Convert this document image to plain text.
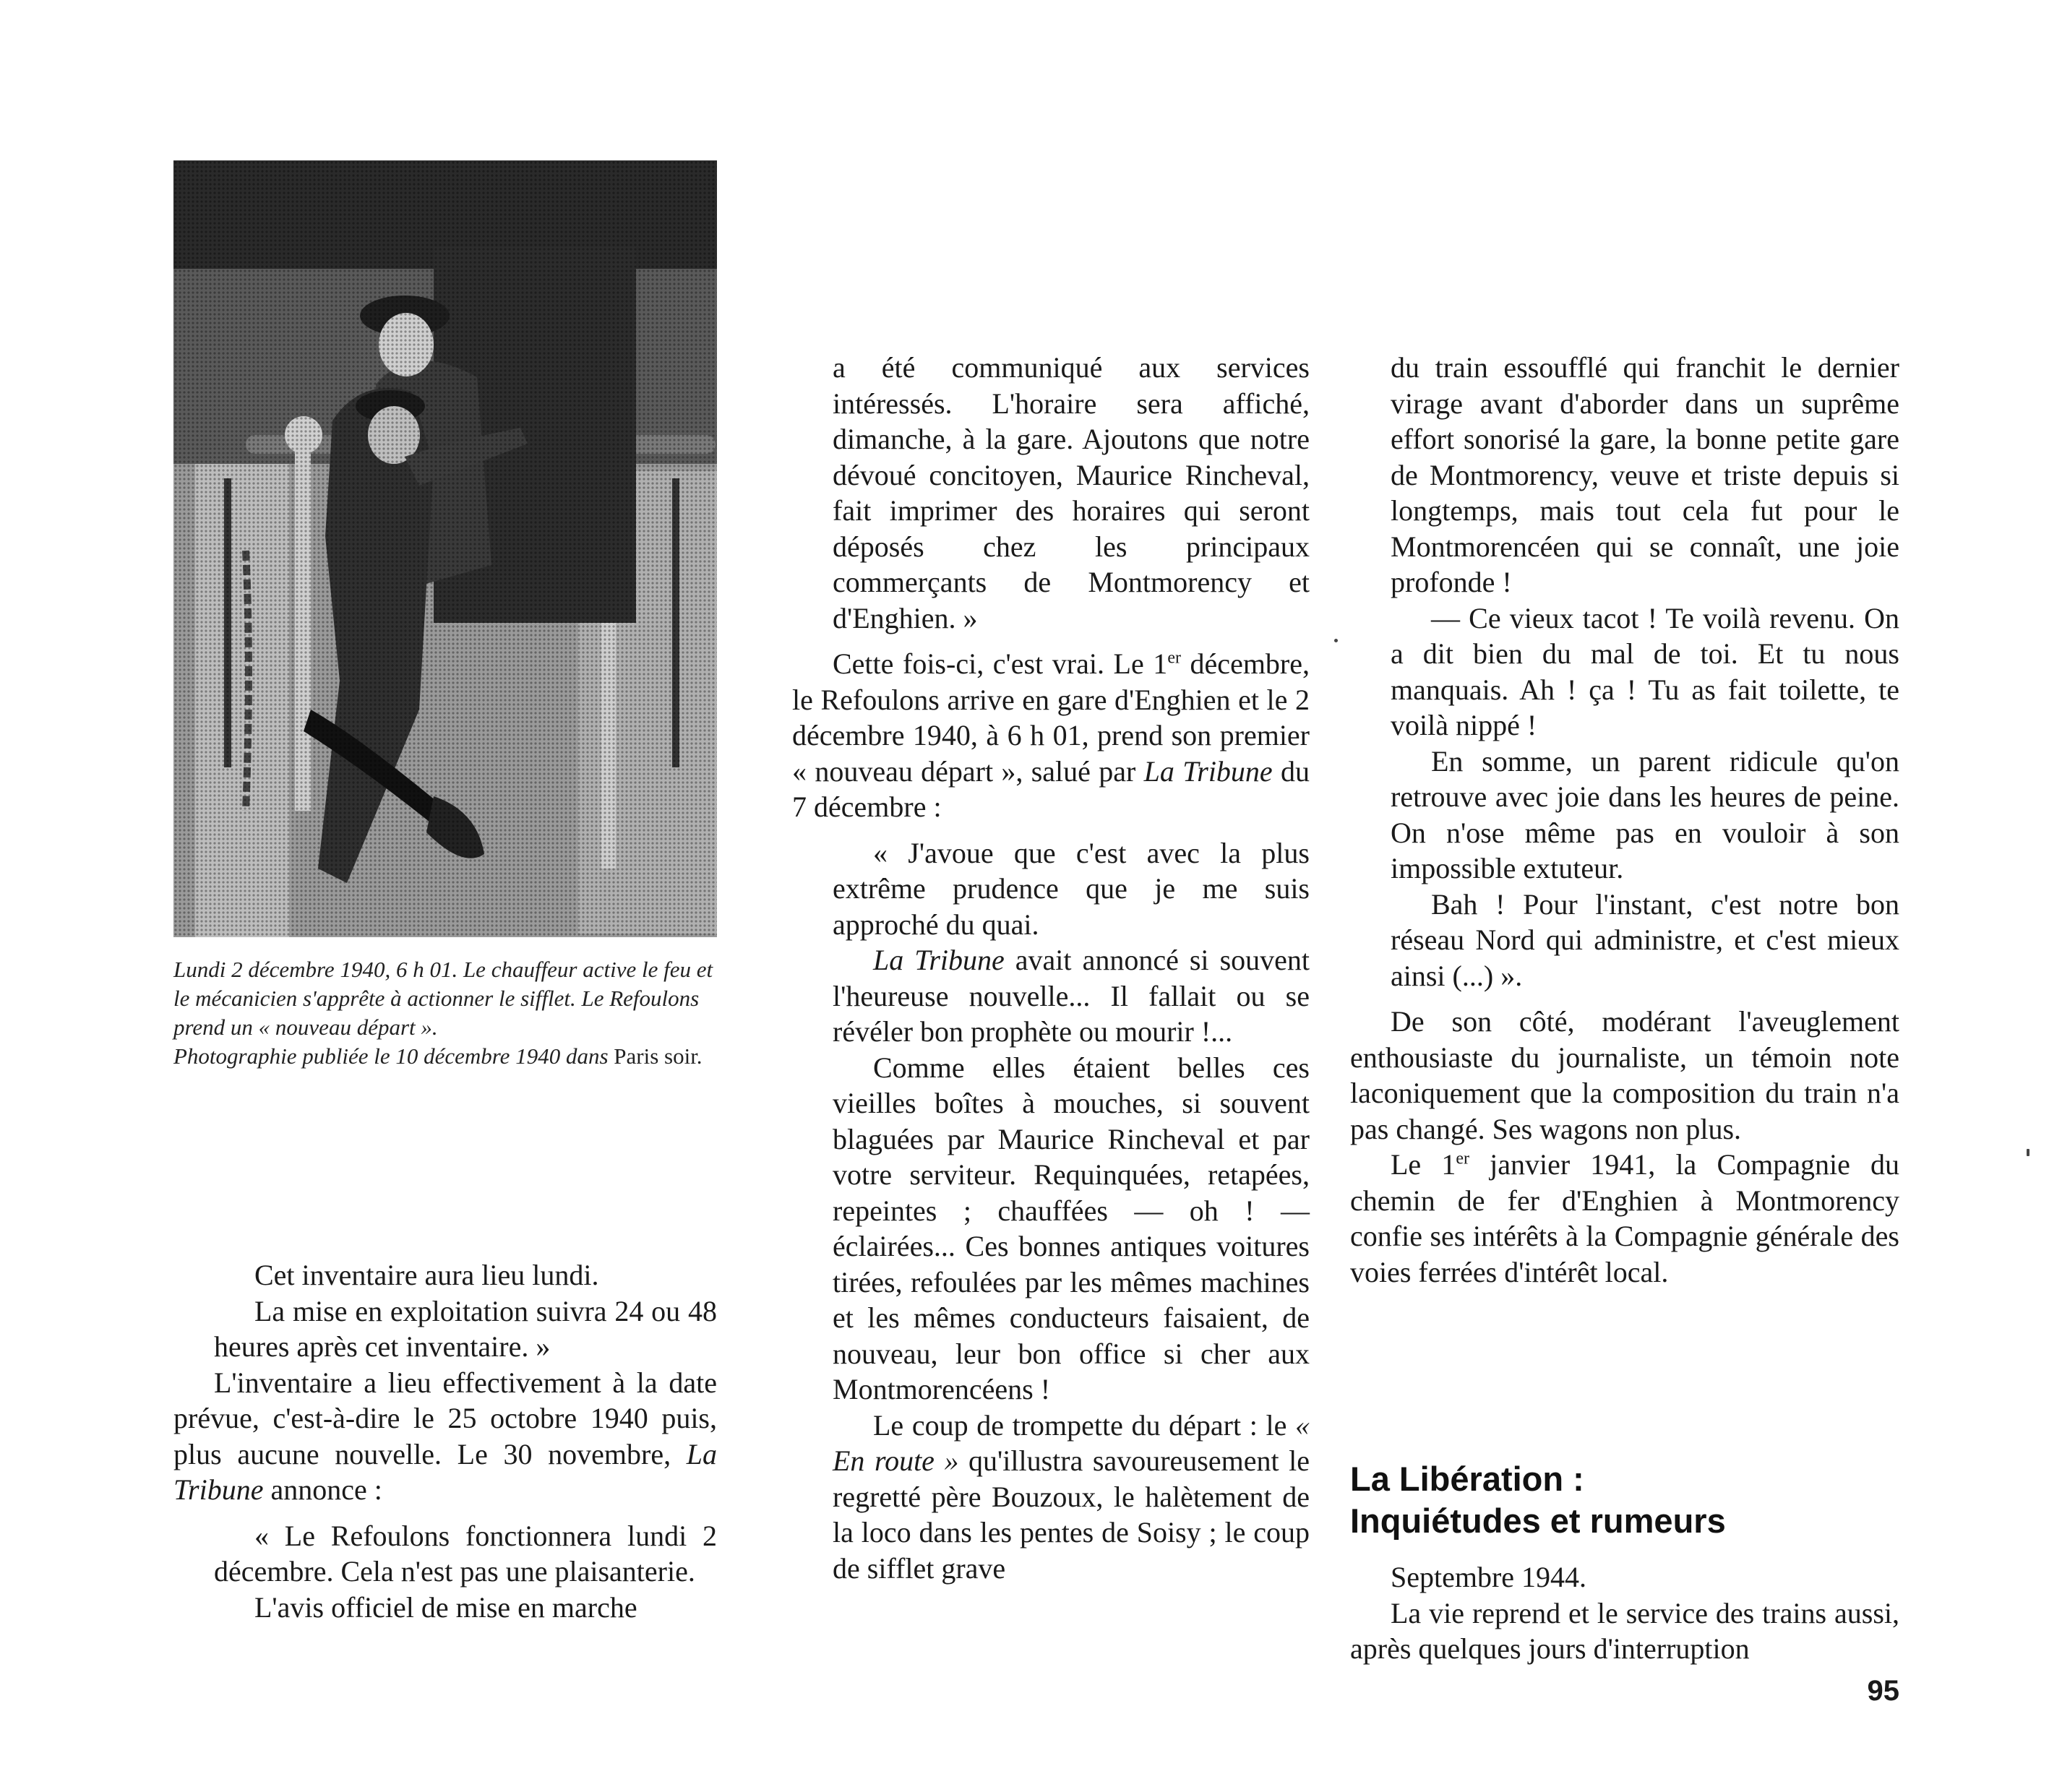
Lundi 2 décembre 1940, 6 h 01. Le chauffeur active le feu et le mécanicien s'apprête à actionner le sifflet. Le Refoulons prend un « nouveau départ ».
Photographie publiée le 10 décembre 1940 dans Paris soir.

Cet inventaire aura lieu lundi.

La mise en exploitation suivra 24 ou 48 heures après cet inventaire. »

L'inventaire a lieu effectivement à la date prévue, c'est-à-dire le 25 octobre 1940 puis, plus aucune nouvelle. Le 30 novembre, La Tribune annonce :

« Le Refoulons fonctionnera lundi 2 décembre. Cela n'est pas une plaisanterie.

L'avis officiel de mise en marche

a été communiqué aux services intéressés. L'horaire sera affiché, dimanche, à la gare. Ajoutons que notre dévoué concitoyen, Maurice Rincheval, fait imprimer des horaires qui seront déposés chez les principaux commerçants de Montmorency et d'Enghien. »

Cette fois-ci, c'est vrai. Le 1er décembre, le Refoulons arrive en gare d'Enghien et le 2 décembre 1940, à 6 h 01, prend son premier « nouveau départ », salué par La Tribune du 7 décembre :

« J'avoue que c'est avec la plus extrême prudence que je me suis approché du quai.

La Tribune avait annoncé si souvent l'heureuse nouvelle... Il fallait ou se révéler bon prophète ou mourir !...

Comme elles étaient belles ces vieilles boîtes à mouches, si souvent blaguées par Maurice Rincheval et par votre serviteur. Requinquées, retapées, repeintes ; chauffées — oh ! — éclairées... Ces bonnes antiques voitures tirées, refoulées par les mêmes machines et les mêmes conducteurs faisaient, de nouveau, leur bon office si cher aux Montmorencéens !

Le coup de trompette du départ : le « En route » qu'illustra savoureusement le regretté père Bouzoux, le halètement de la loco dans les pentes de Soisy ; le coup de sifflet grave

du train essoufflé qui franchit le dernier virage avant d'aborder dans un suprême effort sonorisé la gare, la bonne petite gare de Montmorency, veuve et triste depuis si longtemps, mais tout cela fut pour le Montmorencéen qui se connaît, une joie profonde !

— Ce vieux tacot ! Te voilà revenu. On a dit bien du mal de toi. Et tu nous manquais. Ah ! ça ! Tu as fait toilette, te voilà nippé !

En somme, un parent ridicule qu'on retrouve avec joie dans les heures de peine. On n'ose même pas en vouloir à son impossible extuteur.

Bah ! Pour l'instant, c'est notre bon réseau Nord qui administre, et c'est mieux ainsi (...) ».

De son côté, modérant l'aveuglement enthousiaste du journaliste, un témoin note laconiquement que la composition du train n'a pas changé. Ses wagons non plus.

Le 1er janvier 1941, la Compagnie du chemin de fer d'Enghien à Montmorency confie ses intérêts à la Compagnie générale des voies ferrées d'intérêt local.

La Libération :
Inquiétudes et rumeurs

Septembre 1944.

La vie reprend et le service des trains aussi, après quelques jours d'interruption

95
